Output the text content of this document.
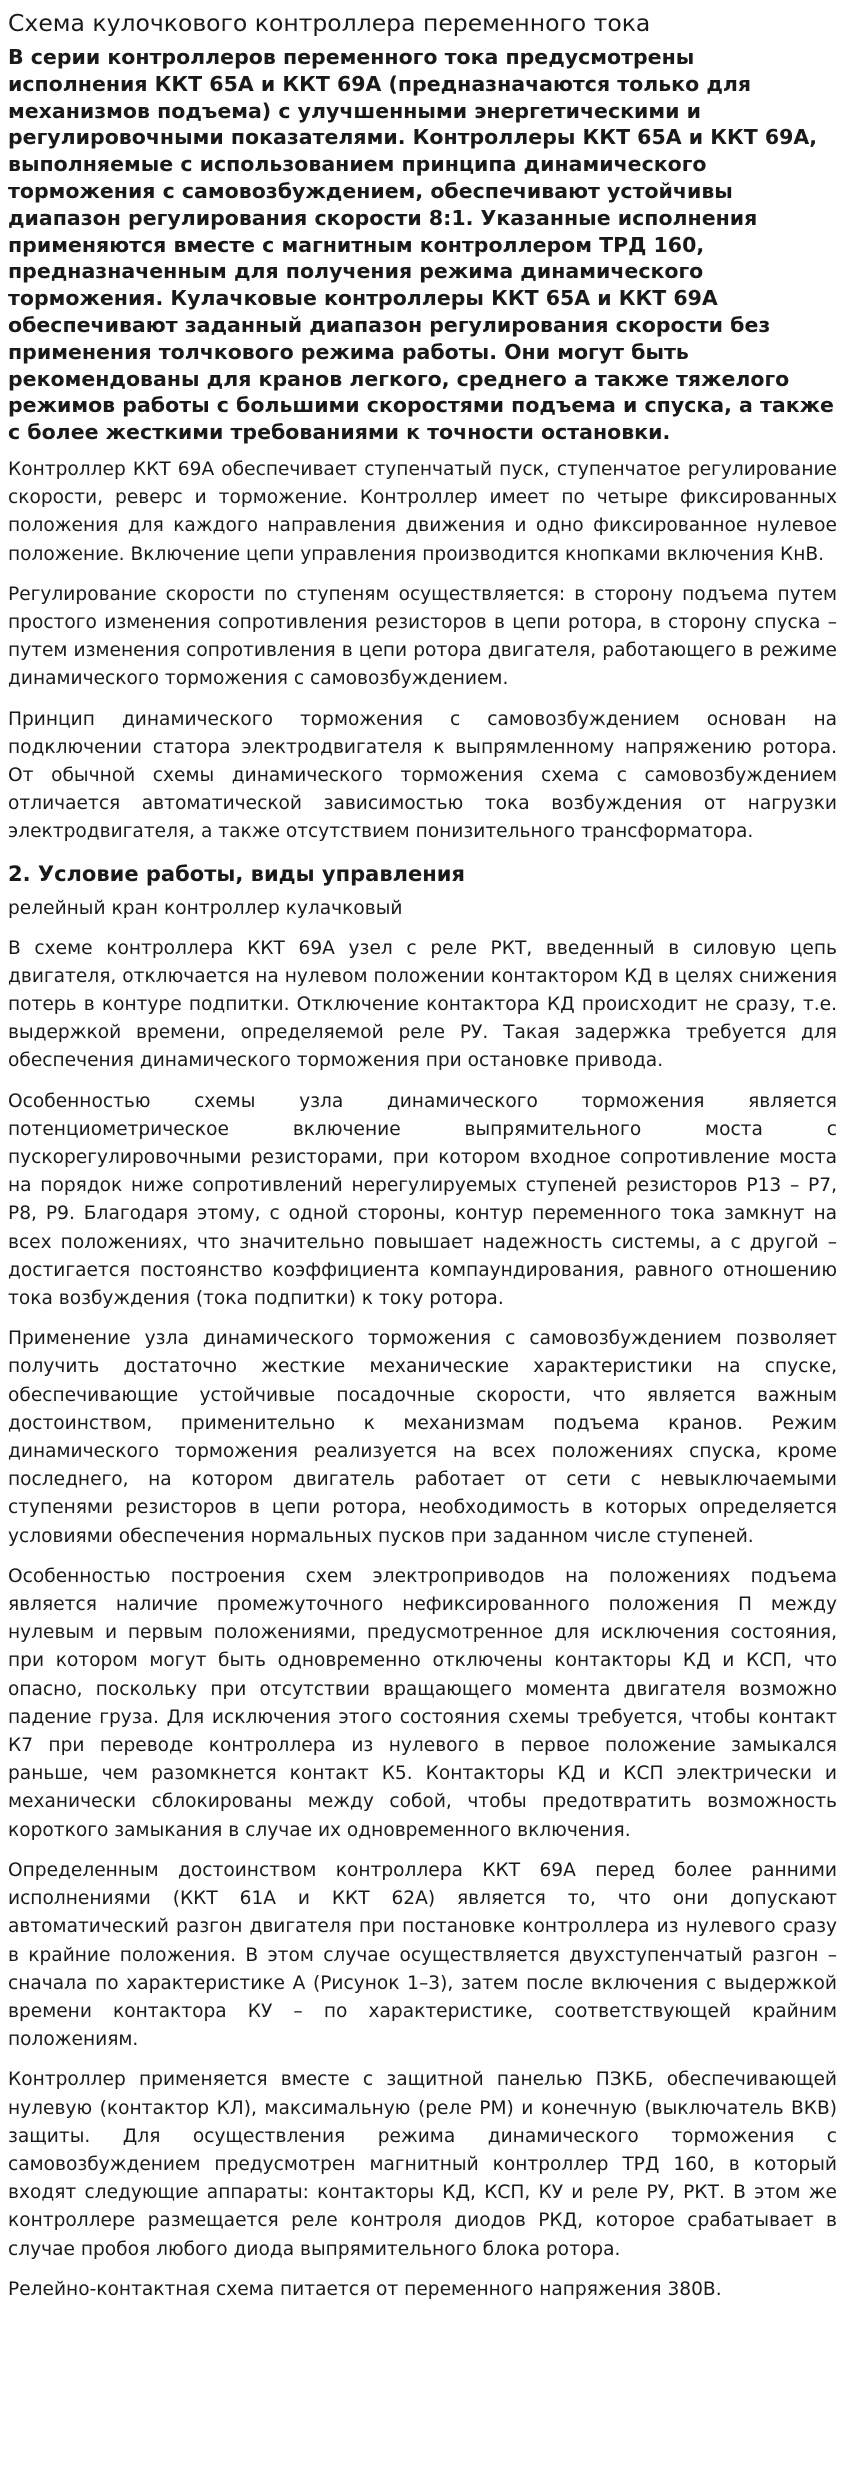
Схема кулочкового контроллера переменного тока

В серии контроллеров переменного тока предусмотрены исполнения ККТ 65А и ККТ 69А (предназначаются только для механизмов подъема) с улучшенными энергетическими и регулировочными показателями. Контроллеры ККТ 65А и ККТ 69А, выполняемые с использованием принципа динамического торможения с самовозбуждением, обеспечивают устойчивы диапазон регулирования скорости 8:1. Указанные исполнения применяются вместе с магнитным контроллером ТРД 160, предназначенным для получения режима динамического торможения. Кулачковые контроллеры ККТ 65А и ККТ 69А обеспечивают заданный диапазон регулирования скорости без применения толчкового режима работы. Они могут быть рекомендованы для кранов легкого, среднего а также тяжелого режимов работы с большими скоростями подъема и спуска, а также с более жесткими требованиями к точности остановки.

Контроллер ККТ 69А обеспечивает ступенчатый пуск, ступенчатое регулирование скорости, реверс и торможение. Контроллер имеет по четыре фиксированных положения для каждого направления движения и одно фиксированное нулевое положение. Включение цепи управления производится кнопками включения КнВ.

Регулирование скорости по ступеням осуществляется: в сторону подъема путем простого изменения сопротивления резисторов в цепи ротора, в сторону спуска – путем изменения сопротивления в цепи ротора двигателя, работающего в режиме динамического торможения с самовозбуждением.

Принцип динамического торможения с самовозбуждением основан на подключении статора электродвигателя к выпрямленному напряжению ротора. От обычной схемы динамического торможения схема с самовозбуждением отличается автоматической зависимостью тока возбуждения от нагрузки электродвигателя, а также отсутствием понизительного трансформатора.

2. Условие работы, виды управления

релейный кран контроллер кулачковый

В схеме контроллера ККТ 69А узел с реле РКТ, введенный в силовую цепь двигателя, отключается на нулевом положении контактором КД в целях снижения потерь в контуре подпитки. Отключение контактора КД происходит не сразу, т.е. выдержкой времени, определяемой реле РУ. Такая задержка требуется для обеспечения динамического торможения при остановке привода.

Особенностью схемы узла динамического торможения является потенциометрическое включение выпрямительного моста с пускорегулировочными резисторами, при котором входное сопротивление моста на порядок ниже сопротивлений нерегулируемых ступеней резисторов Р13 – Р7, Р8, Р9. Благодаря этому, с одной стороны, контур переменного тока замкнут на всех положениях, что значительно повышает надежность системы, а с другой – достигается постоянство коэффициента компаундирования, равного отношению тока возбуждения (тока подпитки) к току ротора.

Применение узла динамического торможения с самовозбуждением позволяет получить достаточно жесткие механические характеристики на спуске, обеспечивающие устойчивые посадочные скорости, что является важным достоинством, применительно к механизмам подъема кранов. Режим динамического торможения реализуется на всех положениях спуска, кроме последнего, на котором двигатель работает от сети с невыключаемыми ступенями резисторов в цепи ротора, необходимость в которых определяется условиями обеспечения нормальных пусков при заданном числе ступеней.

Особенностью построения схем электроприводов на положениях подъема является наличие промежуточного нефиксированного положения П между нулевым и первым положениями, предусмотренное для исключения состояния, при котором могут быть одновременно отключены контакторы КД и КСП, что опасно, поскольку при отсутствии вращающего момента двигателя возможно падение груза. Для исключения этого состояния схемы требуется, чтобы контакт К7 при переводе контроллера из нулевого в первое положение замыкался раньше, чем разомкнется контакт К5. Контакторы КД и КСП электрически и механически сблокированы между собой, чтобы предотвратить возможность короткого замыкания в случае их одновременного включения.

Определенным достоинством контроллера ККТ 69А перед более ранними исполнениями (ККТ 61А и ККТ 62А) является то, что они допускают автоматический разгон двигателя при постановке контроллера из нулевого сразу в крайние положения. В этом случае осуществляется двухступенчатый разгон – сначала по характеристике А (Рисунок 1–3), затем после включения с выдержкой времени контактора КУ – по характеристике, соответствующей крайним положениям.

Контроллер применяется вместе с защитной панелью ПЗКБ, обеспечивающей нулевую (контактор КЛ), максимальную (реле РМ) и конечную (выключатель ВКВ) защиты. Для осуществления режима динамического торможения с самовозбуждением предусмотрен магнитный контроллер ТРД 160, в который входят следующие аппараты: контакторы КД, КСП, КУ и реле РУ, РКТ. В этом же контроллере размещается реле контроля диодов РКД, которое срабатывает в случае пробоя любого диода выпрямительного блока ротора.

Релейно-контактная схема питается от переменного напряжения 380В.
